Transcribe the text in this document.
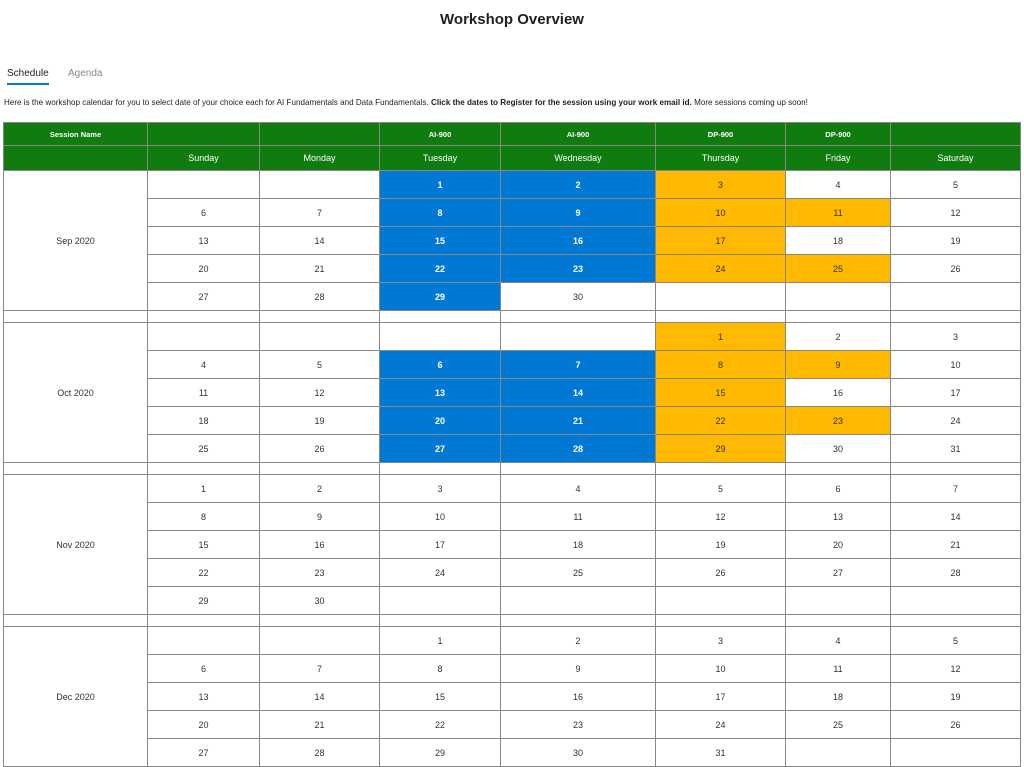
Workshop Overview
Schedule Agenda
Here is the workshop calendar for you to select date of your choice each for AI Fundamentals and Data Fundamentals. Click the dates to Register for the session using your work email id. More sessions coming up soon!
Session Name			AI-900	AI-900	DP-900	DP-900	
	Sunday	Monday	Tuesday	Wednesday	Thursday	Friday	Saturday
Sep 2020			1	2	3	4	5
	6	7	8	9	10	11	12
	13	14	15	16	17	18	19
	20	21	22	23	24	25	26
	27	28	29	30			

Oct 2020					1	2	3
	4	5	6	7	8	9	10
	11	12	13	14	15	16	17
	18	19	20	21	22	23	24
	25	26	27	28	29	30	31

Nov 2020	1	2	3	4	5	6	7
	8	9	10	11	12	13	14
	15	16	17	18	19	20	21
	22	23	24	25	26	27	28
	29	30					

Dec 2020			1	2	3	4	5
	6	7	8	9	10	11	12
	13	14	15	16	17	18	19
	20	21	22	23	24	25	26
	27	28	29	30	31		
